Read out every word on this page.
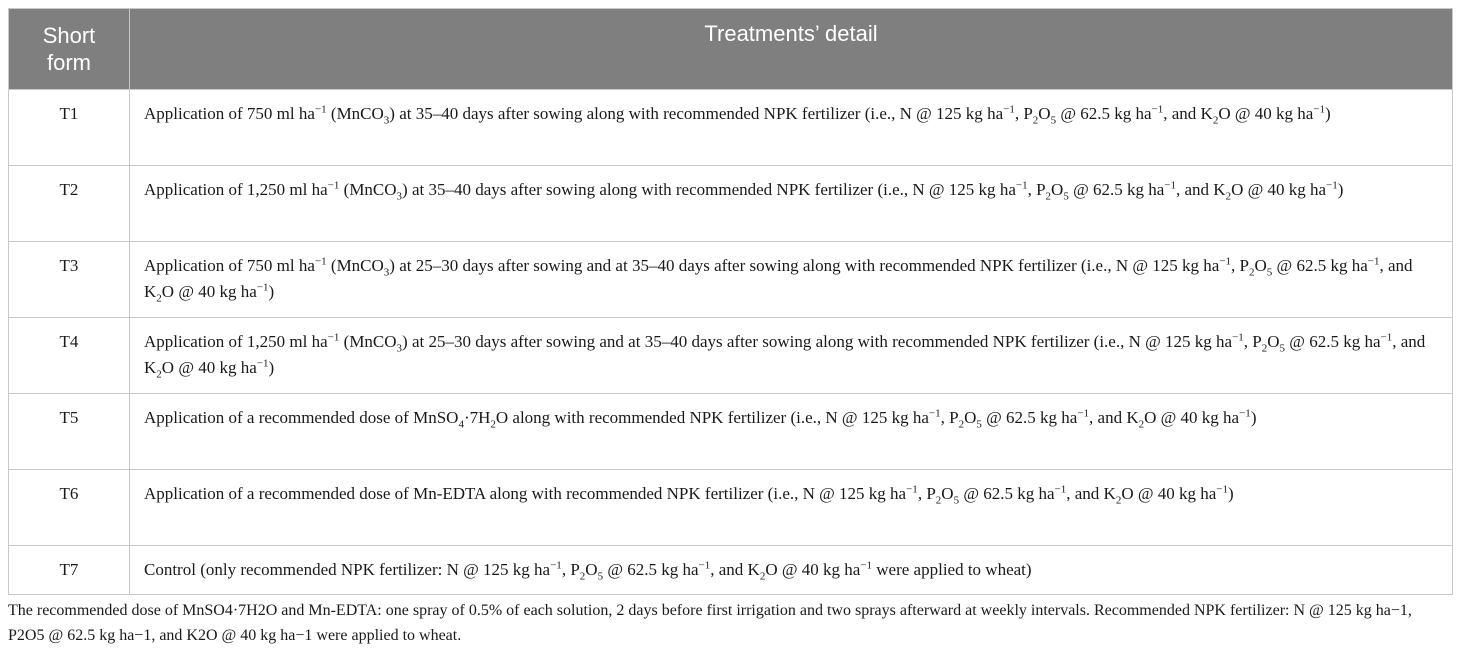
Short
form	Treatments’ detail
T1	Application of 750 ml $ha^{-1}$ (MnCO$_3$) at 35–40 days after sowing along with recommended NPK fertilizer (i.e., N @ 125 kg $ha^{-1}$, $P_2O_5$ @ 62.5 kg $ha^{-1}$, and $K_2O$ @ 40 kg $ha^{-1}$)
T2	Application of 1,250 ml $ha^{-1}$ (MnCO$_3$) at 35–40 days after sowing along with recommended NPK fertilizer (i.e., N @ 125 kg $ha^{-1}$, $P_2O_5$ @ 62.5 kg $ha^{-1}$, and $K_2O$ @ 40 kg $ha^{-1}$)
T3	Application of 750 ml $ha^{-1}$ (MnCO$_3$) at 25–30 days after sowing and at 35–40 days after sowing along with recommended NPK fertilizer (i.e., N @ 125 kg $ha^{-1}$, $P_2O_5$ @ 62.5 kg $ha^{-1}$, and $K_2O$ @ 40 kg $ha^{-1}$)
T4	Application of 1,250 ml $ha^{-1}$ (MnCO$_3$) at 25–30 days after sowing and at 35–40 days after sowing along with recommended NPK fertilizer (i.e., N @ 125 kg $ha^{-1}$, $P_2O_5$ @ 62.5 kg $ha^{-1}$, and $K_2O$ @ 40 kg $ha^{-1}$)
T5	Application of a recommended dose of $MnSO_4\cdot 7H_2O$ along with recommended NPK fertilizer (i.e., N @ 125 kg $ha^{-1}$, $P_2O_5$ @ 62.5 kg $ha^{-1}$, and $K_2O$ @ 40 kg $ha^{-1}$)
T6	Application of a recommended dose of Mn-EDTA along with recommended NPK fertilizer (i.e., N @ 125 kg $ha^{-1}$, $P_2O_5$ @ 62.5 kg $ha^{-1}$, and $K_2O$ @ 40 kg $ha^{-1}$)
T7	Control (only recommended NPK fertilizer: N @ 125 kg $ha^{-1}$, $P_2O_5$ @ 62.5 kg $ha^{-1}$, and $K_2O$ @ 40 kg $ha^{-1}$ were applied to wheat)
The recommended dose of MnSO4·7H2O and Mn-EDTA: one spray of 0.5% of each solution, 2 days before first irrigation and two sprays afterward at weekly intervals. Recommended NPK fertilizer: N @ 125 kg ha−1, P2O5 @ 62.5 kg ha−1, and K2O @ 40 kg ha−1 were applied to wheat.
